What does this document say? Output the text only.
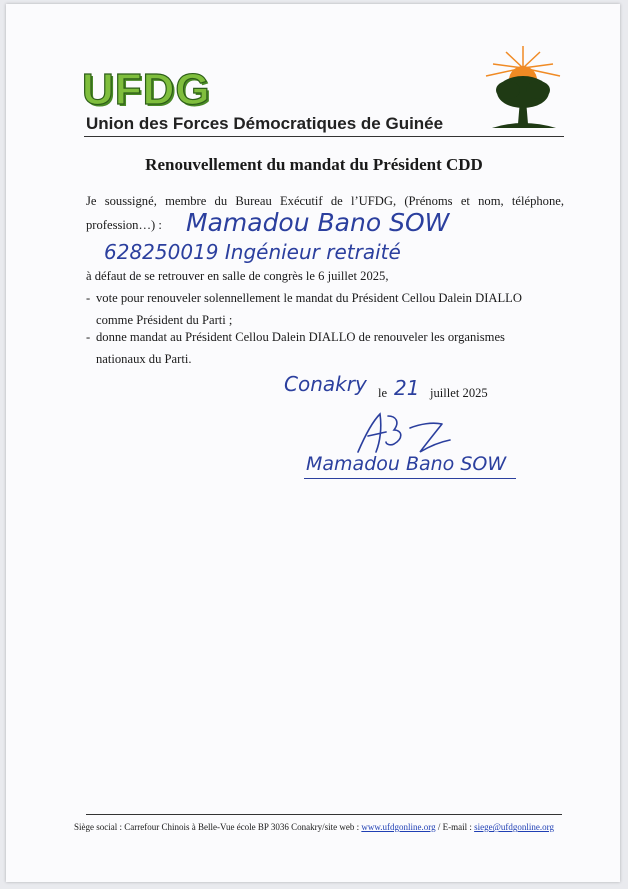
UFDG
Union des Forces Démocratiques de Guinée
Renouvellement du mandat du Président CDD
Je soussigné, membre du Bureau Exécutif de l’UFDG, (Prénoms et nom, téléphone,
profession…) : Mamadou Bano SOW
628250019 Ingénieur retraité
à défaut de se retrouver en salle de congrès le 6 juillet 2025,
- vote pour renouveler solennellement le mandat du Président Cellou Dalein DIALLO
comme Président du Parti ;
- donne mandat au Président Cellou Dalein DIALLO de renouveler les organismes
nationaux du Parti.
Conakry le 21 juillet 2025
Mamadou Bano SOW
Siège social : Carrefour Chinois à Belle-Vue école BP 3036 Conakry/site web : www.ufdgonline.org / E-mail : siege@ufdgonline.org
